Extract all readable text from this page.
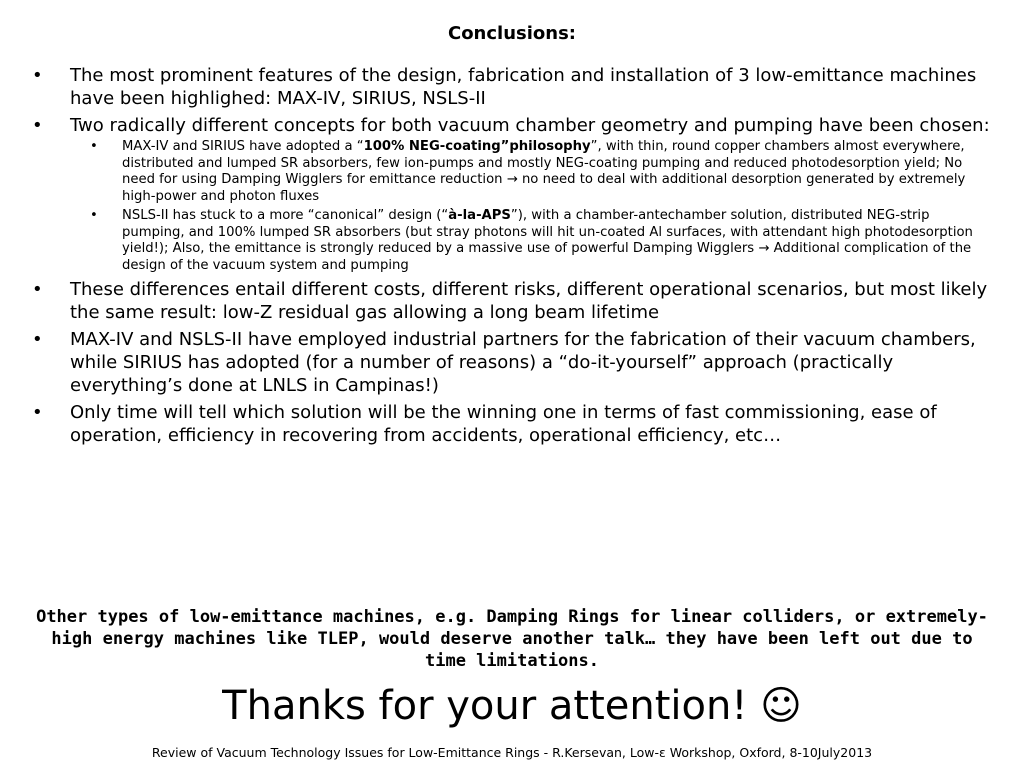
Conclusions:
• The most prominent features of the design, fabrication and installation of 3 low-emittance machines have been highlighed: MAX-IV, SIRIUS, NSLS-II
• Two radically different concepts for both vacuum chamber geometry and pumping have been chosen:
• MAX-IV and SIRIUS have adopted a “100% NEG-coating”philosophy”, with thin, round copper chambers almost everywhere, distributed and lumped SR absorbers, few ion-pumps and mostly NEG-coating pumping and reduced photodesorption yield; No need for using Damping Wigglers for emittance reduction → no need to deal with additional desorption generated by extremely high-power and photon fluxes
• NSLS-II has stuck to a more “canonical” design (“à-la-APS”), with a chamber-antechamber solution, distributed NEG-strip pumping, and 100% lumped SR absorbers (but stray photons will hit un-coated Al surfaces, with attendant high photodesorption yield!); Also, the emittance is strongly reduced by a massive use of powerful Damping Wigglers → Additional complication of the design of the vacuum system and pumping
• These differences entail different costs, different risks, different operational scenarios, but most likely the same result: low-Z residual gas allowing a long beam lifetime
• MAX-IV and NSLS-II have employed industrial partners for the fabrication of their vacuum chambers, while SIRIUS has adopted (for a number of reasons) a “do-it-yourself” approach (practically everything’s done at LNLS in Campinas!)
• Only time will tell which solution will be the winning one in terms of fast commissioning, ease of operation, efficiency in recovering from accidents, operational efficiency, etc…
Other types of low-emittance machines, e.g. Damping Rings for linear colliders, or extremely-high energy machines like TLEP, would deserve another talk… they have been left out due to time limitations.
Thanks for your attention! ☺
Review of Vacuum Technology Issues for Low-Emittance Rings - R.Kersevan, Low-ε Workshop, Oxford, 8-10July2013
